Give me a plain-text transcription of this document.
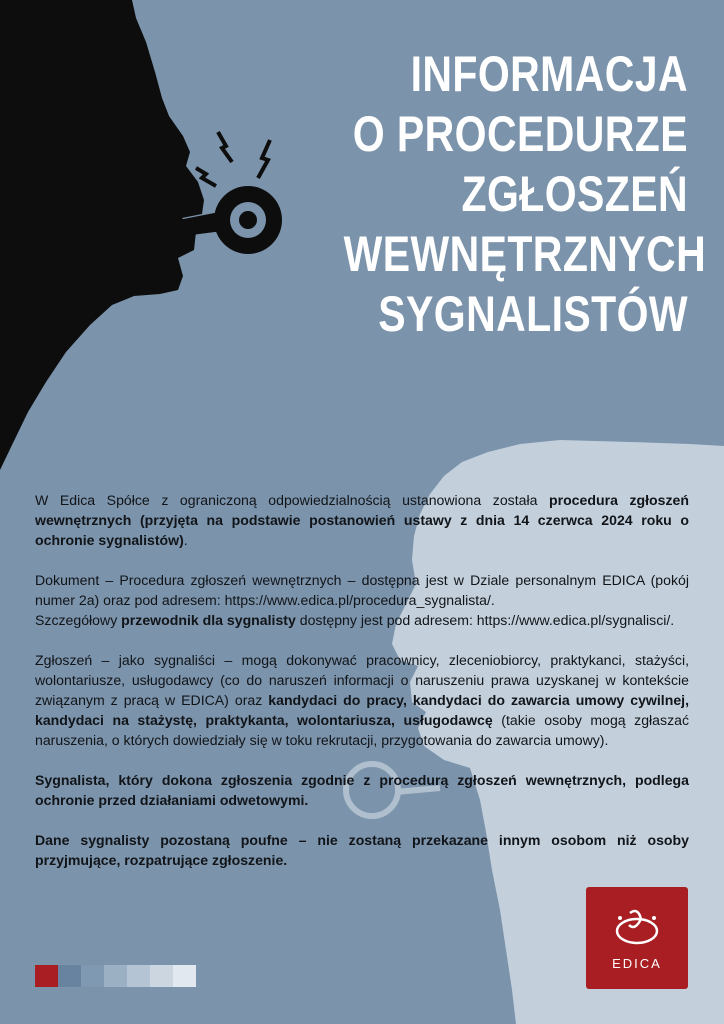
INFORMACJA
O PROCEDURZE
ZGŁOSZEŃ
WEWNĘTRZNYCH
SYGNALISTÓW

W Edica Spółce z ograniczoną odpowiedzialnością ustanowiona została procedura zgłoszeń wewnętrznych (przyjęta na podstawie postanowień ustawy z dnia 14 czerwca 2024 roku o ochronie sygnalistów).

Dokument – Procedura zgłoszeń wewnętrznych – dostępna jest w Dziale personalnym EDICA (pokój numer 2a) oraz pod adresem: https://www.edica.pl/procedura_sygnalista/.
Szczegółowy przewodnik dla sygnalisty dostępny jest pod adresem: https://www.edica.pl/sygnalisci/.

Zgłoszeń – jako sygnaliści – mogą dokonywać pracownicy, zleceniobiorcy, praktykanci, stażyści, wolontariusze, usługodawcy (co do naruszeń informacji o naruszeniu prawa uzyskanej w kontekście związanym z pracą w EDICA) oraz kandydaci do pracy, kandydaci do zawarcia umowy cywilnej, kandydaci na stażystę, praktykanta, wolontariusza, usługodawcę (takie osoby mogą zgłaszać naruszenia, o których dowiedziały się w toku rekrutacji, przygotowania do zawarcia umowy).

Sygnalista, który dokona zgłoszenia zgodnie z procedurą zgłoszeń wewnętrznych, podlega ochronie przed działaniami odwetowymi.

Dane sygnalisty pozostaną poufne – nie zostaną przekazane innym osobom niż osoby przyjmujące, rozpatrujące zgłoszenie.

EDICA
